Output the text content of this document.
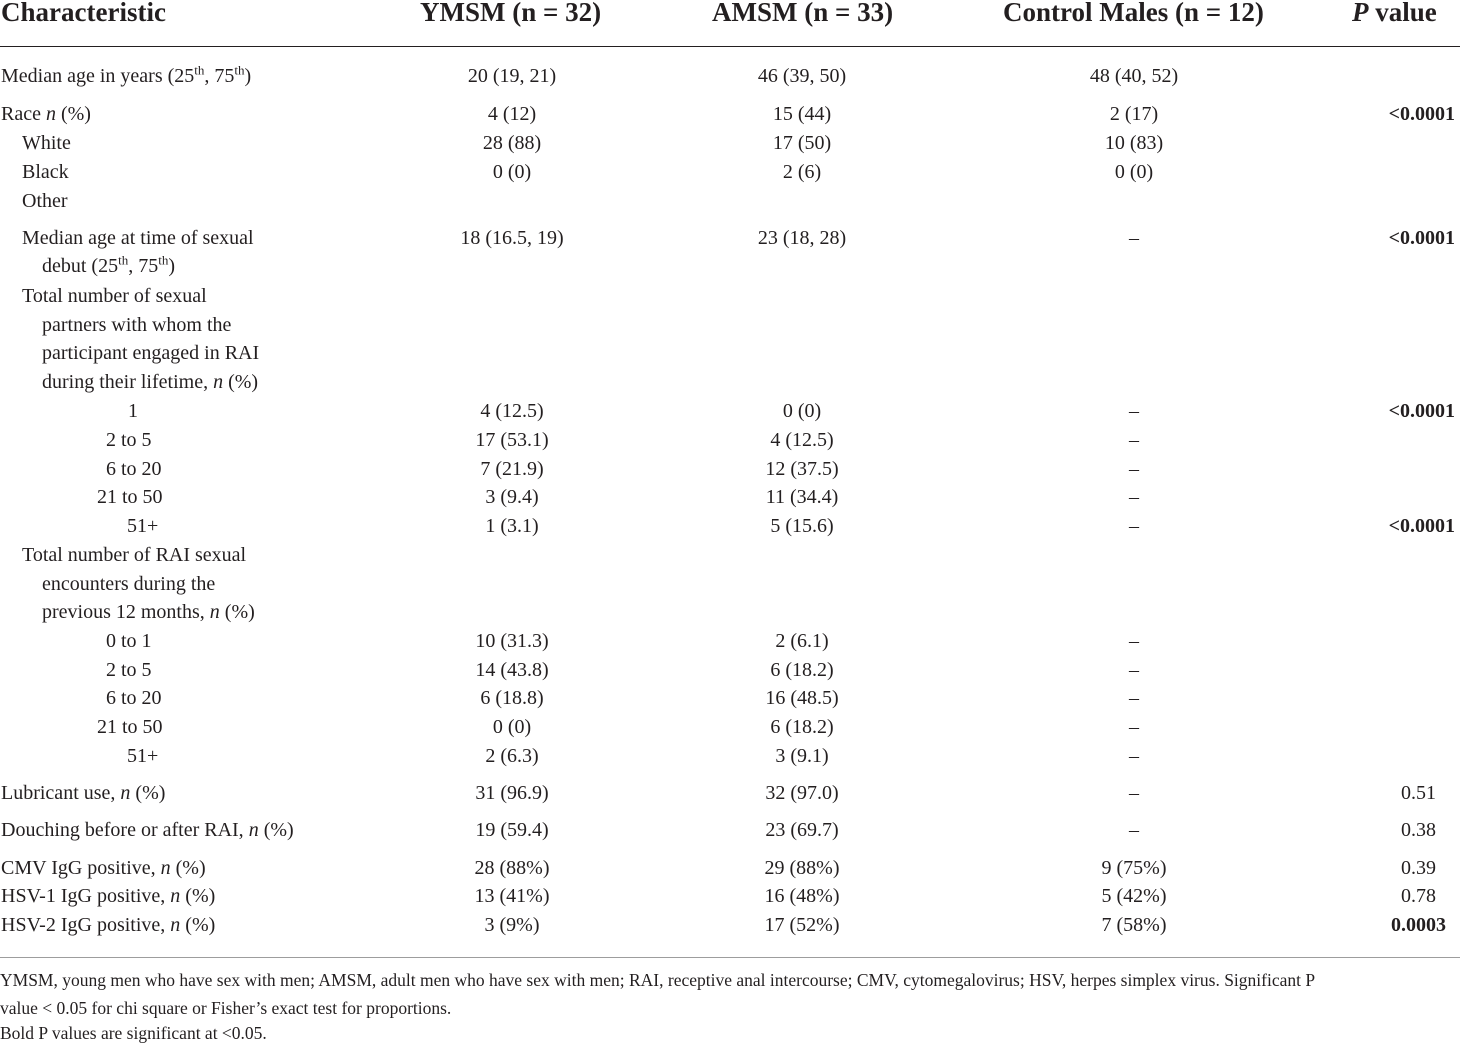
Characteristic	YMSM (n = 32)	AMSM (n = 33)	Control Males (n = 12)	P value
Median age in years (25th, 75th)	20 (19, 21)	46 (39, 50)	48 (40, 52)
Race n (%)	4 (12)	15 (44)	2 (17)	<0.0001
White	28 (88)	17 (50)	10 (83)
Black	0 (0)	2 (6)	0 (0)
Other
Median age at time of sexual	18 (16.5, 19)	23 (18, 28)	–	<0.0001
debut (25th, 75th)
Total number of sexual
partners with whom the
participant engaged in RAI
during their lifetime, n (%)
1	4 (12.5)	0 (0)	–	<0.0001
2 to 5	17 (53.1)	4 (12.5)	–
6 to 20	7 (21.9)	12 (37.5)	–
21 to 50	3 (9.4)	11 (34.4)	–
51+	1 (3.1)	5 (15.6)	–	<0.0001
Total number of RAI sexual
encounters during the
previous 12 months, n (%)
0 to 1	10 (31.3)	2 (6.1)	–
2 to 5	14 (43.8)	6 (18.2)	–
6 to 20	6 (18.8)	16 (48.5)	–
21 to 50	0 (0)	6 (18.2)	–
51+	2 (6.3)	3 (9.1)	–
Lubricant use, n (%)	31 (96.9)	32 (97.0)	–	0.51
Douching before or after RAI, n (%)	19 (59.4)	23 (69.7)	–	0.38
CMV IgG positive, n (%)	28 (88%)	29 (88%)	9 (75%)	0.39
HSV-1 IgG positive, n (%)	13 (41%)	16 (48%)	5 (42%)	0.78
HSV-2 IgG positive, n (%)	3 (9%)	17 (52%)	7 (58%)	0.0003
YMSM, young men who have sex with men; AMSM, adult men who have sex with men; RAI, receptive anal intercourse; CMV, cytomegalovirus; HSV, herpes simplex virus. Significant P
value < 0.05 for chi square or Fisher’s exact test for proportions.
Bold P values are significant at <0.05.
